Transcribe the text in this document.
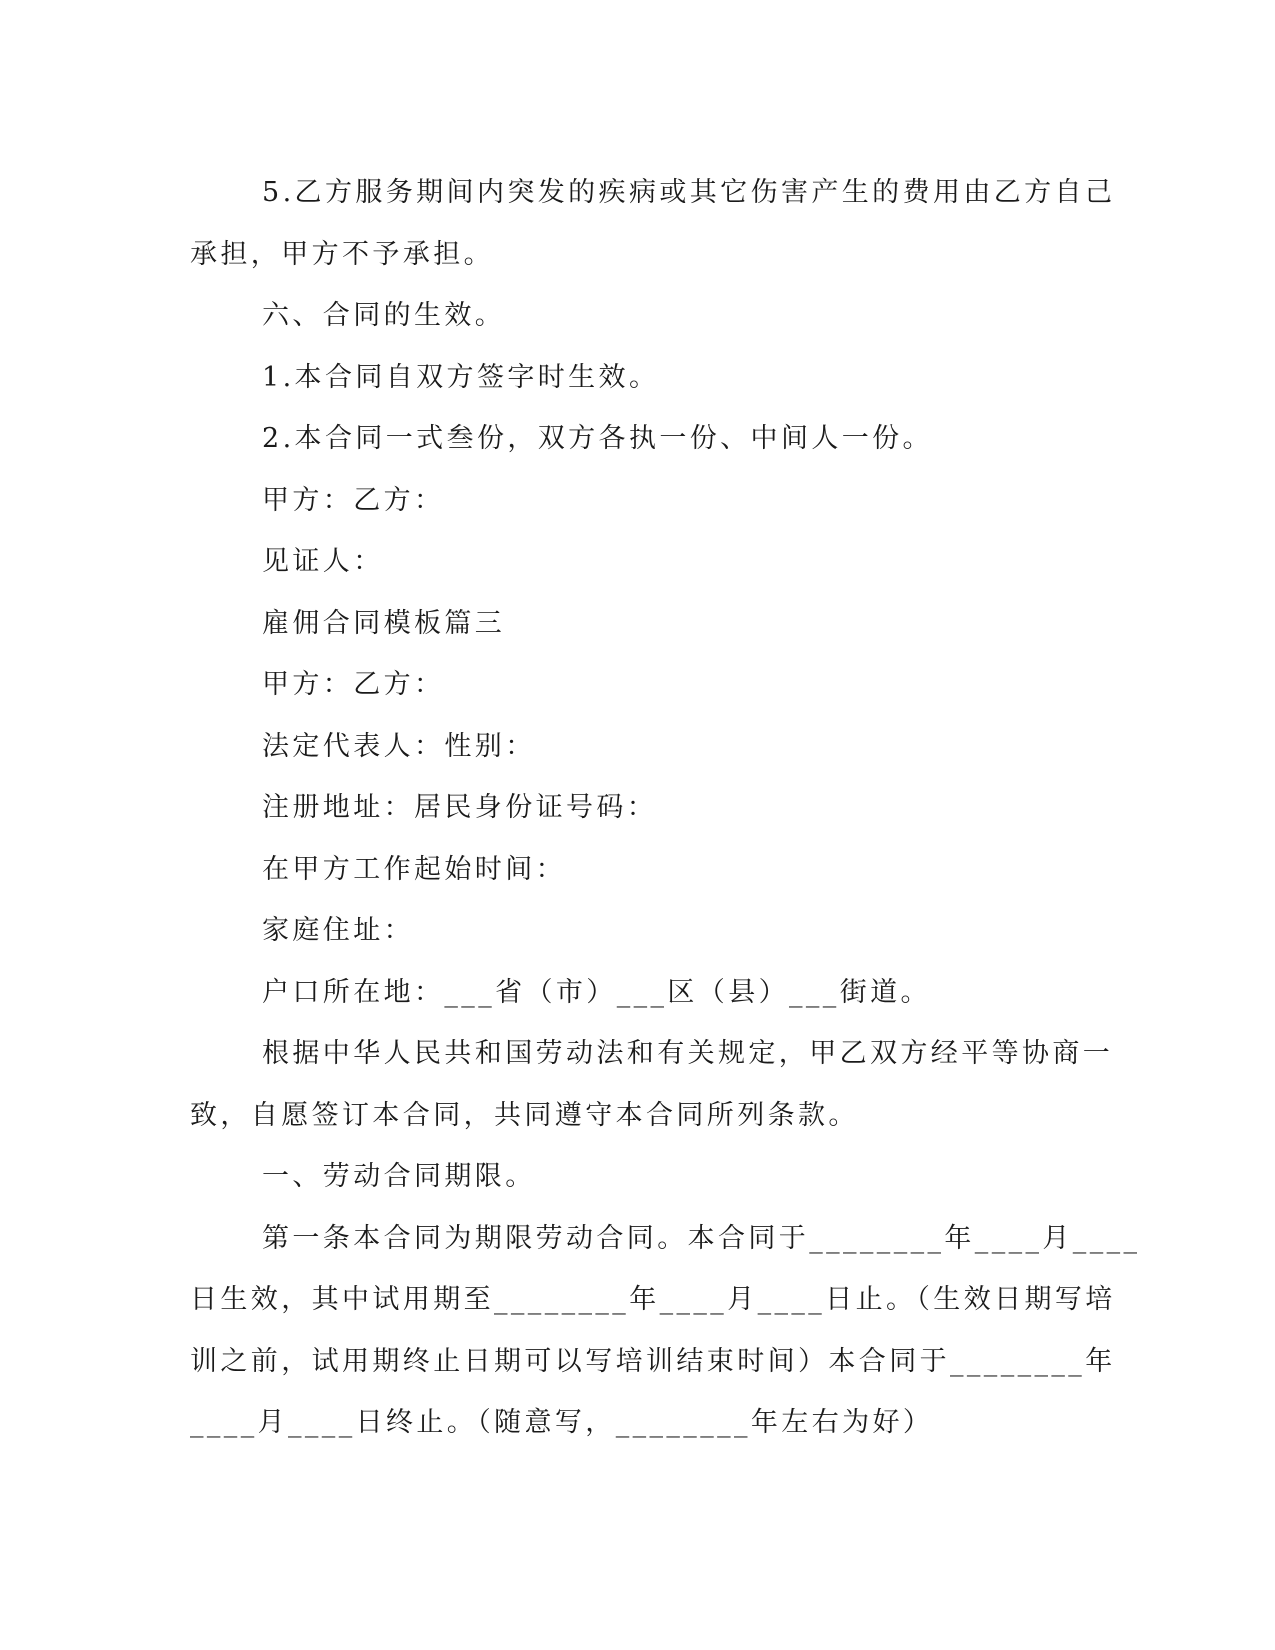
5.乙方服务期间内突发的疾病或其它伤害产生的费用由乙方自己
承担，甲方不予承担。
六、合同的生效。
1.本合同自双方签字时生效。
2.本合同一式叁份，双方各执一份、中间人一份。
甲方：乙方：
见证人：
雇佣合同模板篇三
甲方：乙方：
法定代表人：性别：
注册地址：居民身份证号码：
在甲方工作起始时间：
家庭住址：
户口所在地：___省（市）___区（县）___街道。
根据中华人民共和国劳动法和有关规定，甲乙双方经平等协商一
致，自愿签订本合同，共同遵守本合同所列条款。
一、劳动合同期限。
第一条本合同为期限劳动合同。本合同于________年____月____
日生效，其中试用期至________年____月____日止。（生效日期写培
训之前，试用期终止日期可以写培训结束时间）本合同于________年
____月____日终止。（随意写，________年左右为好）
